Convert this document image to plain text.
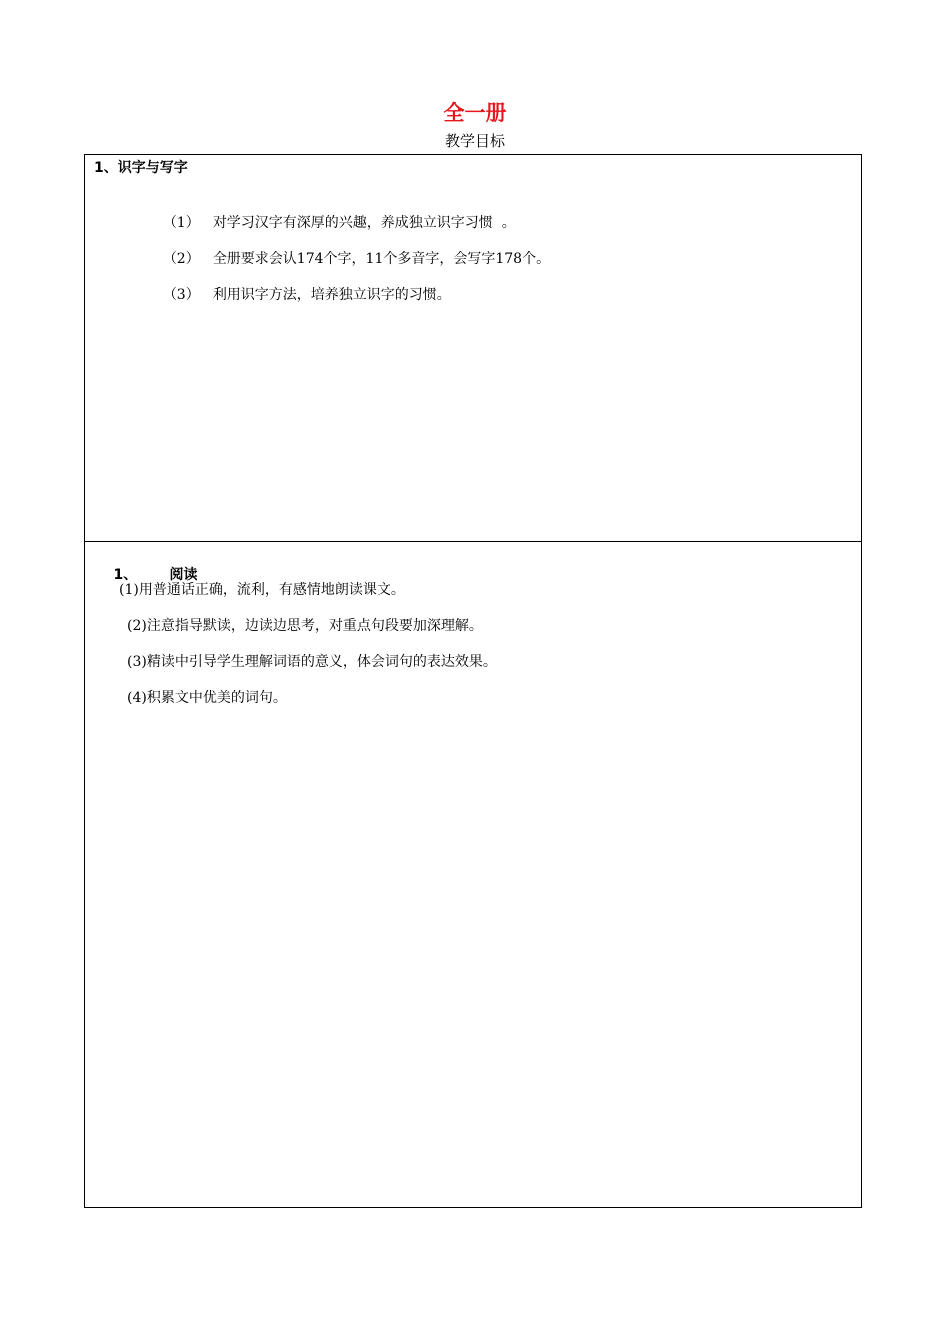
全一册
教学目标
1、识字与写字

（1） 对学习汉字有深厚的兴趣，养成独立识字习惯  。

（2） 全册要求会认174个字，11个多音字，会写字178个。

（3） 利用识字方法，培养独立识字的习惯。

1、 阅读

(1)用普通话正确，流利，有感情地朗读课文。
(2)注意指导默读，边读边思考，对重点句段要加深理解。
(3)精读中引导学生理解词语的意义，体会词句的表达效果。
(4)积累文中优美的词句。
